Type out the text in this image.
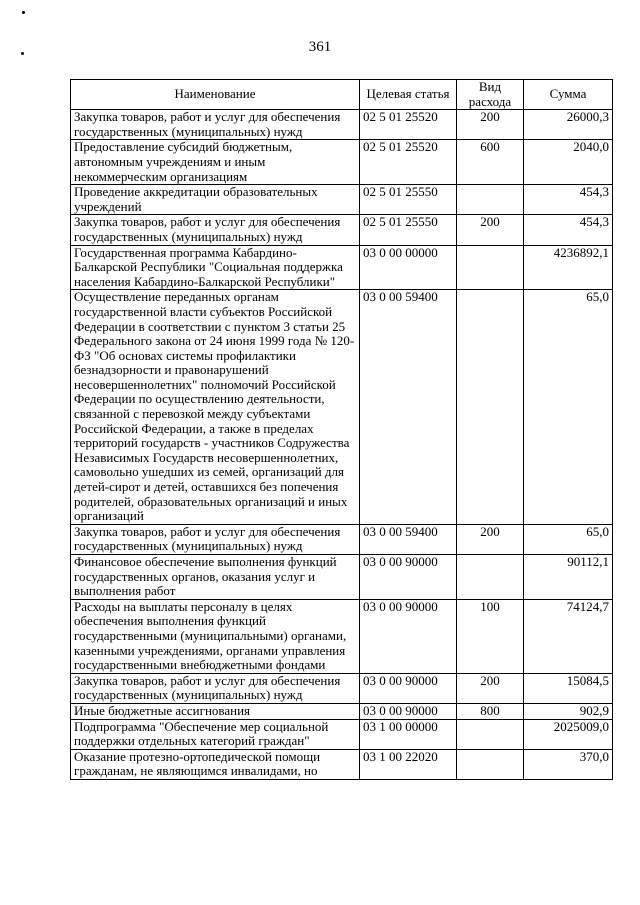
361
Наименование	Целевая статья	Вид расхода	Сумма
Закупка товаров, работ и услуг для обеспечения государственных (муниципальных) нужд	02 5 01 25520	200	26000,3
Предоставление субсидий бюджетным, автономным учреждениям и иным некоммерческим организациям	02 5 01 25520	600	2040,0
Проведение аккредитации образовательных учреждений	02 5 01 25550		454,3
Закупка товаров, работ и услуг для обеспечения государственных (муниципальных) нужд	02 5 01 25550	200	454,3
Государственная программа Кабардино-Балкарской Республики "Социальная поддержка населения Кабардино-Балкарской Республики"	03 0 00 00000		4236892,1
Осуществление переданных органам государственной власти субъектов Российской Федерации в соответствии с пунктом 3 статьи 25 Федерального закона от 24 июня 1999 года № 120-ФЗ "Об основах системы профилактики безнадзорности и правонарушений несовершеннолетних" полномочий Российской Федерации по осуществлению деятельности, связанной с перевозкой между субъектами Российской Федерации, а также в пределах территорий государств - участников Содружества Независимых Государств несовершеннолетних, самовольно ушедших из семей, организаций для детей-сирот и детей, оставшихся без попечения родителей, образовательных организаций и иных организаций	03 0 00 59400		65,0
Закупка товаров, работ и услуг для обеспечения государственных (муниципальных) нужд	03 0 00 59400	200	65,0
Финансовое обеспечение выполнения функций государственных органов, оказания услуг и выполнения работ	03 0 00 90000		90112,1
Расходы на выплаты персоналу в целях обеспечения выполнения функций государственными (муниципальными) органами, казенными учреждениями, органами управления государственными внебюджетными фондами	03 0 00 90000	100	74124,7
Закупка товаров, работ и услуг для обеспечения государственных (муниципальных) нужд	03 0 00 90000	200	15084,5
Иные бюджетные ассигнования	03 0 00 90000	800	902,9
Подпрограмма "Обеспечение мер социальной поддержки отдельных категорий граждан"	03 1 00 00000		2025009,0
Оказание протезно-ортопедической помощи гражданам, не являющимся инвалидами, но	03 1 00 22020		370,0
